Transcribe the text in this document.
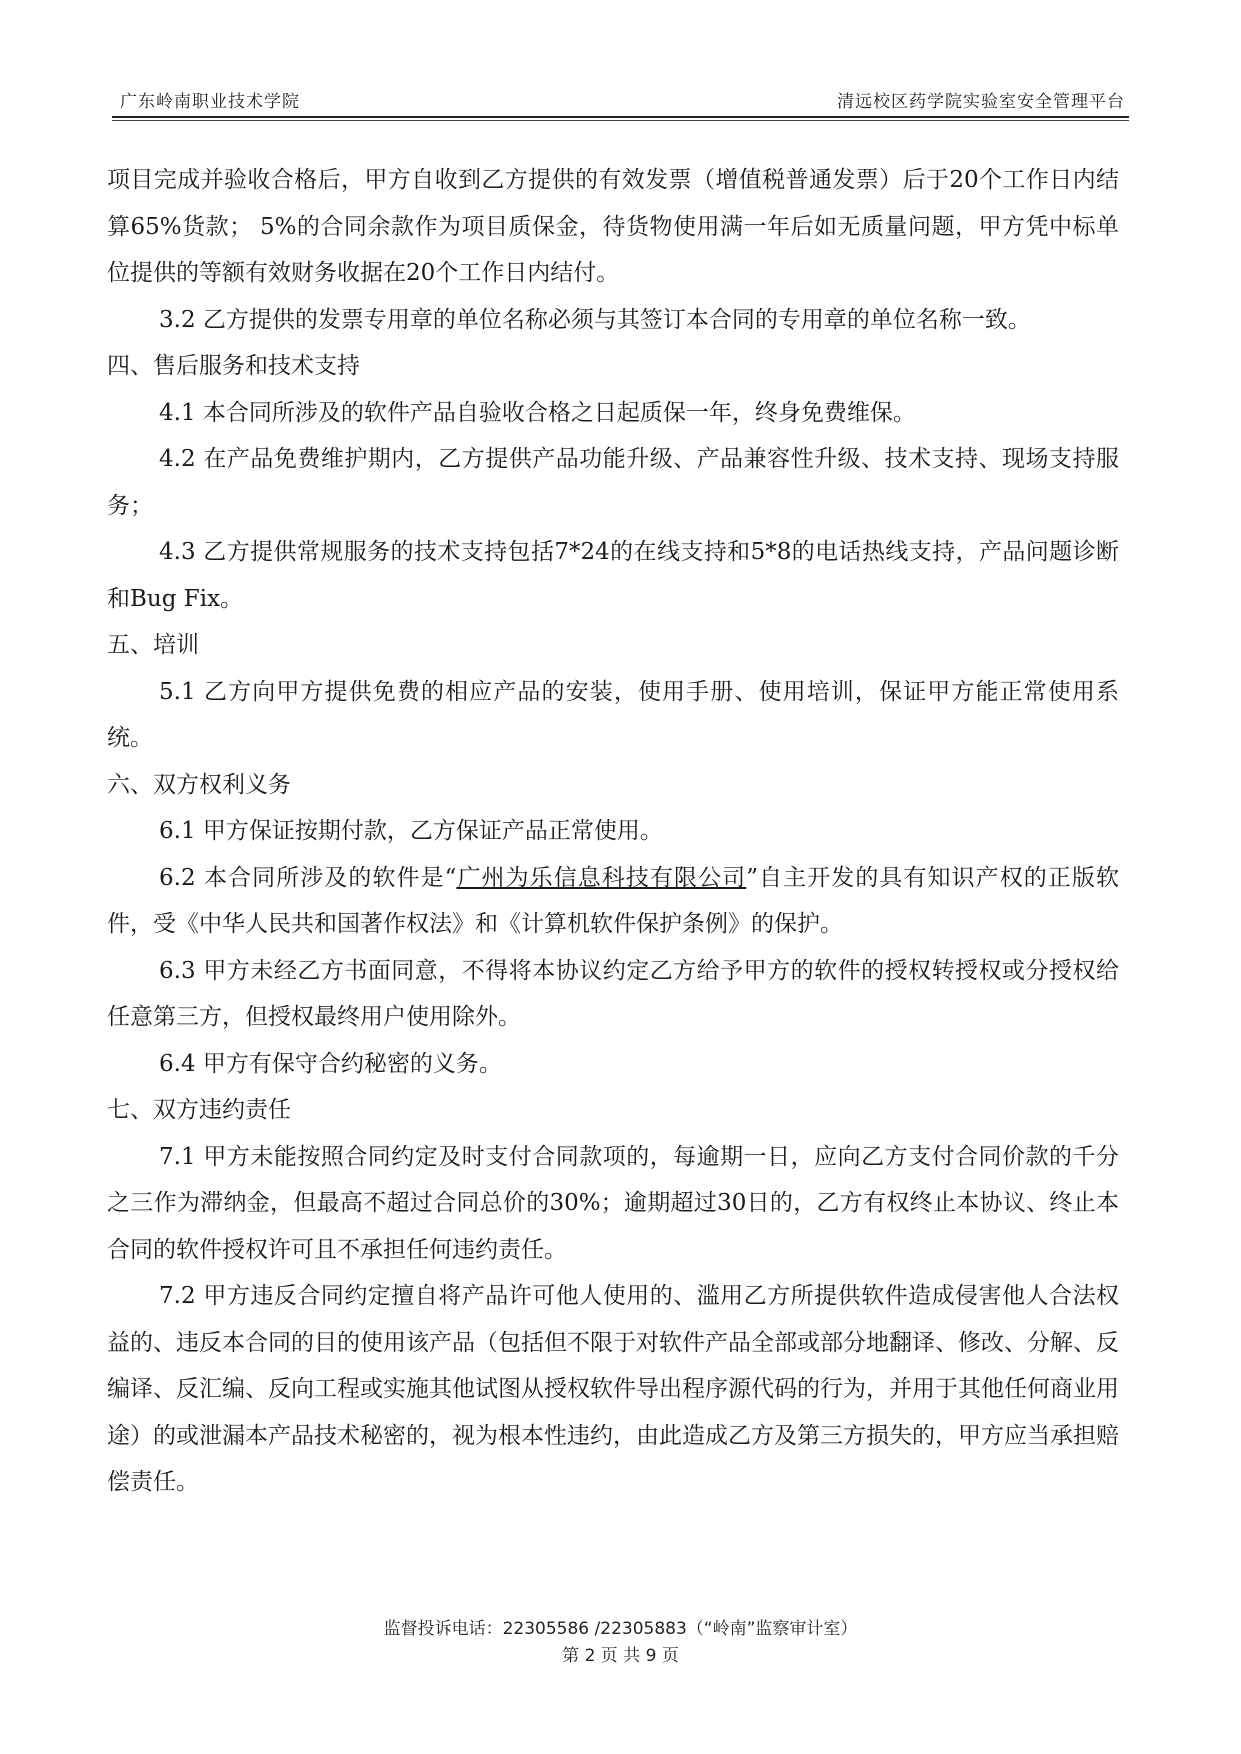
广东岭南职业技术学院	清远校区药学院实验室安全管理平台

项目完成并验收合格后，甲方自收到乙方提供的有效发票（增值税普通发票）后于20个工作日内结算65%货款； 5%的合同余款作为项目质保金，待货物使用满一年后如无质量问题，甲方凭中标单位提供的等额有效财务收据在20个工作日内结付。

3.2 乙方提供的发票专用章的单位名称必须与其签订本合同的专用章的单位名称一致。

四、售后服务和技术支持

4.1 本合同所涉及的软件产品自验收合格之日起质保一年，终身免费维保。

4.2 在产品免费维护期内，乙方提供产品功能升级、产品兼容性升级、技术支持、现场支持服务；

4.3 乙方提供常规服务的技术支持包括7*24的在线支持和5*8的电话热线支持，产品问题诊断和Bug Fix。

五、培训

5.1 乙方向甲方提供免费的相应产品的安装，使用手册、使用培训，保证甲方能正常使用系统。

六、双方权利义务

6.1 甲方保证按期付款，乙方保证产品正常使用。

6.2 本合同所涉及的软件是“广州为乐信息科技有限公司”自主开发的具有知识产权的正版软件，受《中华人民共和国著作权法》和《计算机软件保护条例》的保护。

6.3 甲方未经乙方书面同意，不得将本协议约定乙方给予甲方的软件的授权转授权或分授权给任意第三方，但授权最终用户使用除外。

6.4 甲方有保守合约秘密的义务。

七、双方违约责任

7.1 甲方未能按照合同约定及时支付合同款项的，每逾期一日，应向乙方支付合同价款的千分之三作为滞纳金，但最高不超过合同总价的30%；逾期超过30日的，乙方有权终止本协议、终止本合同的软件授权许可且不承担任何违约责任。

7.2 甲方违反合同约定擅自将产品许可他人使用的、滥用乙方所提供软件造成侵害他人合法权益的、违反本合同的目的使用该产品（包括但不限于对软件产品全部或部分地翻译、修改、分解、反编译、反汇编、反向工程或实施其他试图从授权软件导出程序源代码的行为，并用于其他任何商业用途）的或泄漏本产品技术秘密的，视为根本性违约，由此造成乙方及第三方损失的，甲方应当承担赔偿责任。

监督投诉电话：22305586 /22305883（“岭南”监察审计室）
第 2 页 共 9 页
